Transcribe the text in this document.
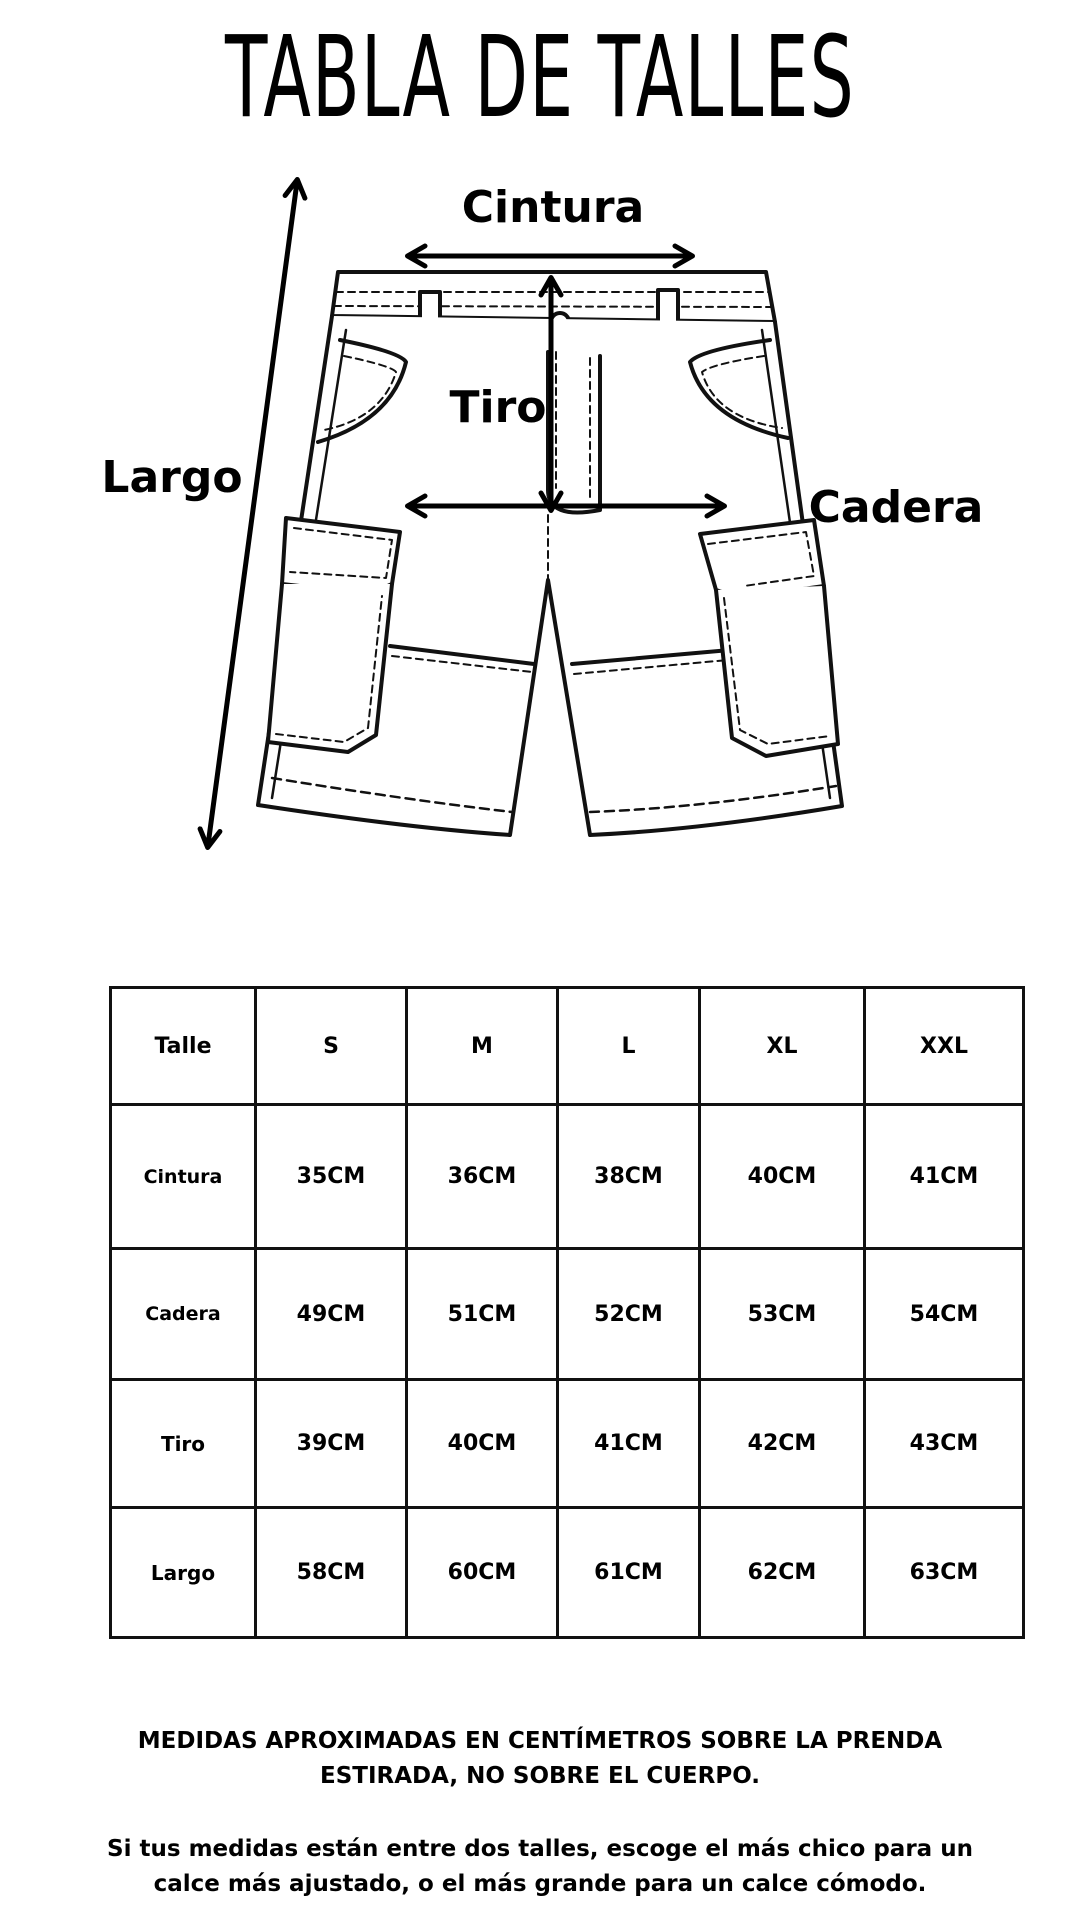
TABLA DE TALLES
Cintura
Tiro
Largo
Cadera
Talle	S	M	L	XL	XXL
Cintura	35CM	36CM	38CM	40CM	41CM
Cadera	49CM	51CM	52CM	53CM	54CM
Tiro	39CM	40CM	41CM	42CM	43CM
Largo	58CM	60CM	61CM	62CM	63CM
MEDIDAS APROXIMADAS EN CENTÍMETROS SOBRE LA PRENDA ESTIRADA, NO SOBRE EL CUERPO.
Si tus medidas están entre dos talles, escoge el más chico para un calce más ajustado, o el más grande para un calce cómodo.
